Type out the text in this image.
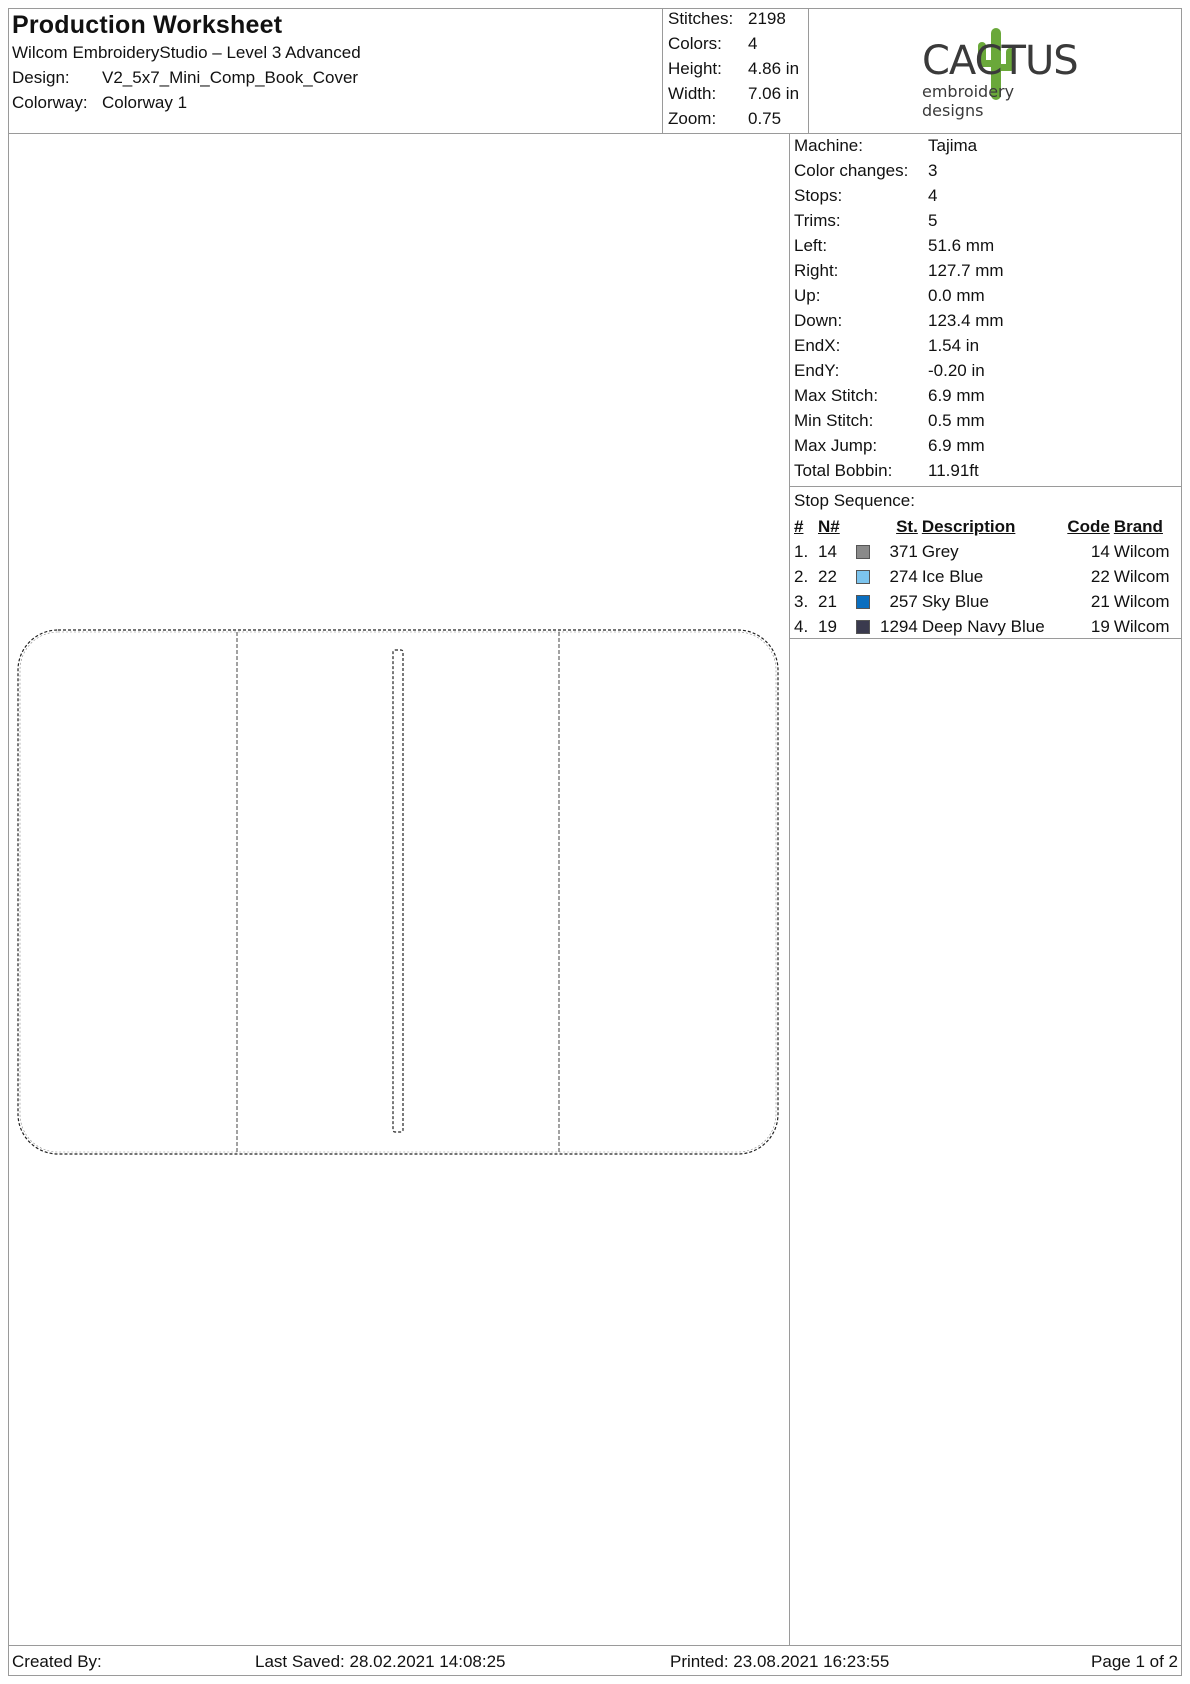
Production Worksheet
Wilcom EmbroideryStudio – Level 3 Advanced
Design: V2_5x7_Mini_Comp_Book_Cover
Colorway: Colorway 1
Stitches: 2198
Colors: 4
Height: 4.86 in
Width: 7.06 in
Zoom: 0.75
CACTUS
embroidery designs
Machine:	Tajima
Color changes: 3
Stops:	4
Trims:	5
Left:	51.6 mm
Right:	127.7 mm
Up:	0.0 mm
Down:	123.4 mm
EndX:	1.54 in
EndY:	-0.20 in
Max Stitch:	6.9 mm
Min Stitch:	0.5 mm
Max Jump:	6.9 mm
Total Bobbin: 11.91ft
Stop Sequence:
#	N#		St.	Description	Code	Brand
1.	14		371	Grey	14	Wilcom
2.	22		274	Ice Blue	22	Wilcom
3.	21		257	Sky Blue	21	Wilcom
4.	19		1294	Deep Navy Blue	19	Wilcom
Created By:	Last Saved: 28.02.2021 14:08:25	Printed: 23.08.2021 16:23:55	Page 1 of 2
